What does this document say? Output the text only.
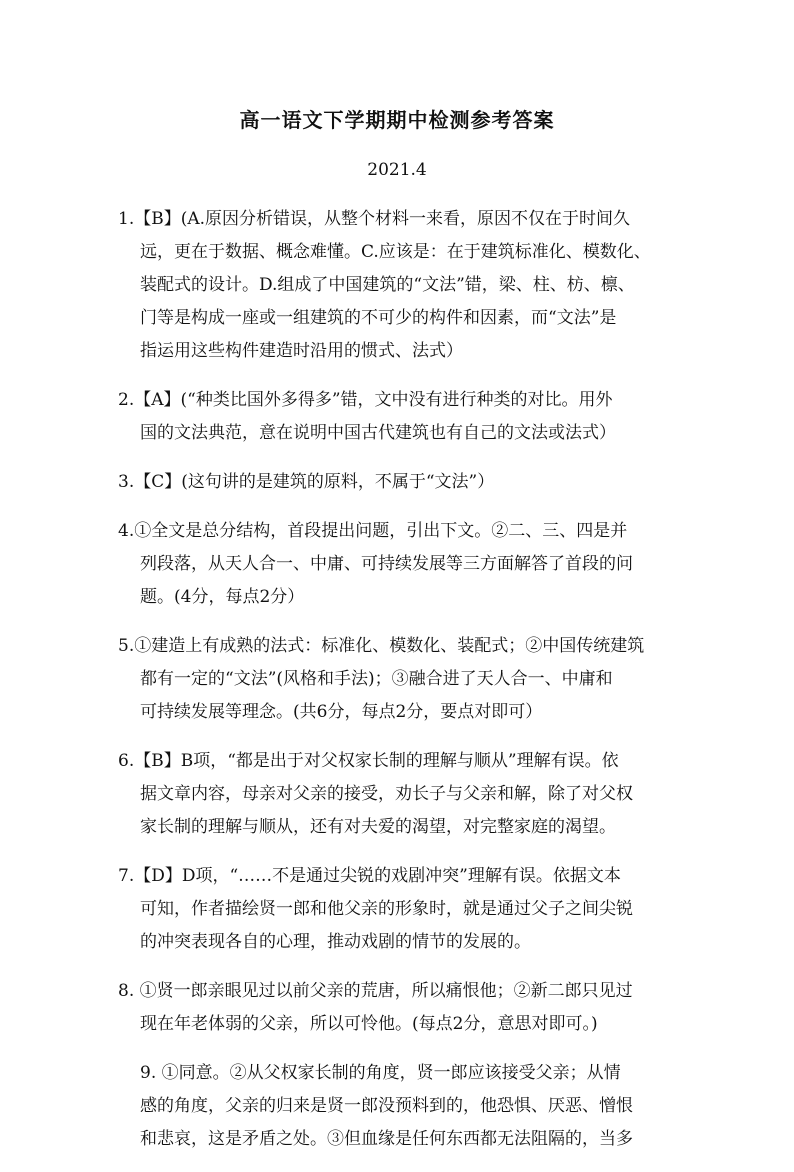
高一语文下学期期中检测参考答案
2021.4
1.【B】(A.原因分析错误，从整个材料一来看，原因不仅在于时间久
远，更在于数据、概念难懂。C.应该是：在于建筑标准化、模数化、
装配式的设计。D.组成了中国建筑的“文法”错，梁、柱、枋、檩、
门等是构成一座或一组建筑的不可少的构件和因素，而“文法”是
指运用这些构件建造时沿用的惯式、法式）
2.【A】(“种类比国外多得多”错，文中没有进行种类的对比。用外
国的文法典范，意在说明中国古代建筑也有自己的文法或法式）
3.【C】(这句讲的是建筑的原料，不属于“文法”）
4.①全文是总分结构，首段提出问题，引出下文。②二、三、四是并
列段落，从天人合一、中庸、可持续发展等三方面解答了首段的问
题。(4分，每点2分）
5.①建造上有成熟的法式：标准化、模数化、装配式；②中国传统建筑
都有一定的“文法”(风格和手法)；③融合进了天人合一、中庸和
可持续发展等理念。(共6分，每点2分，要点对即可）
6.【B】B项，“都是出于对父权家长制的理解与顺从”理解有误。依
据文章内容，母亲对父亲的接受，劝长子与父亲和解，除了对父权
家长制的理解与顺从，还有对夫爱的渴望，对完整家庭的渴望。
7.【D】D项，“……不是通过尖锐的戏剧冲突”理解有误。依据文本
可知，作者描绘贤一郎和他父亲的形象时，就是通过父子之间尖锐
的冲突表现各自的心理，推动戏剧的情节的发展的。
8. ①贤一郎亲眼见过以前父亲的荒唐，所以痛恨他；②新二郎只见过
现在年老体弱的父亲，所以可怜他。(每点2分，意思对即可。)
9. ①同意。②从父权家长制的角度，贤一郎应该接受父亲；从情
感的角度，父亲的归来是贤一郎没预料到的，他恐惧、厌恶、憎恨
和悲哀，这是矛盾之处。③但血缘是任何东西都无法阻隔的，当多
